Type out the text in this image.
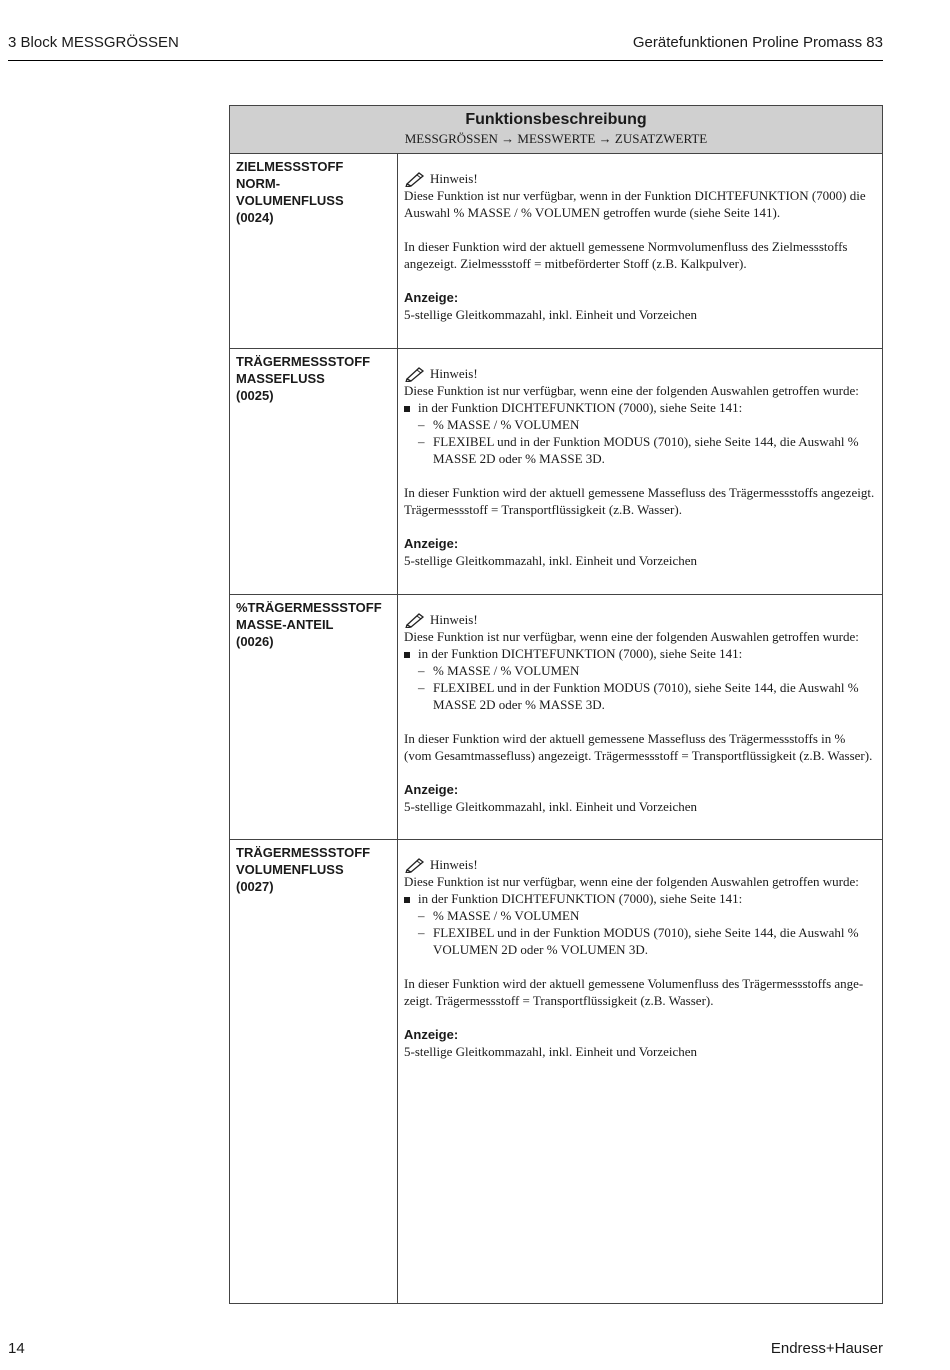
3 Block MESSGRÖSSEN	Gerätefunktionen Proline Promass 83
Funktionsbeschreibung
MESSGRÖSSEN → MESSWERTE → ZUSATZWERTE
ZIELMESSSTOFF NORM-
VOLUMENFLUSS
(0024)
Hinweis!
Diese Funktion ist nur verfügbar, wenn in der Funktion DICHTEFUNKTION (7000) die Auswahl % MASSE / % VOLUMEN getroffen wurde (siehe Seite 141).
In dieser Funktion wird der aktuell gemessene Normvolumenfluss des Zielmessstoffs angezeigt. Zielmessstoff = mitbeförderter Stoff (z.B. Kalkpulver).
Anzeige:
5-stellige Gleitkommazahl, inkl. Einheit und Vorzeichen
TRÄGERMESSSTOFF
MASSEFLUSS
(0025)
Hinweis!
Diese Funktion ist nur verfügbar, wenn eine der folgenden Auswahlen getroffen wurde:
in der Funktion DICHTEFUNKTION (7000), siehe Seite 141:
– % MASSE / % VOLUMEN
– FLEXIBEL und in der Funktion MODUS (7010), siehe Seite 144, die Auswahl % MASSE 2D oder % MASSE 3D.
In dieser Funktion wird der aktuell gemessene Massefluss des Trägermessstoffs angezeigt. Trägermessstoff = Transportflüssigkeit (z.B. Wasser).
Anzeige:
5-stellige Gleitkommazahl, inkl. Einheit und Vorzeichen
%TRÄGERMESSSTOFF
MASSE-ANTEIL
(0026)
Hinweis!
Diese Funktion ist nur verfügbar, wenn eine der folgenden Auswahlen getroffen wurde:
in der Funktion DICHTEFUNKTION (7000), siehe Seite 141:
– % MASSE / % VOLUMEN
– FLEXIBEL und in der Funktion MODUS (7010), siehe Seite 144, die Auswahl % MASSE 2D oder % MASSE 3D.
In dieser Funktion wird der aktuell gemessene Massefluss des Trägermessstoffs in % (vom Gesamtmassefluss) angezeigt. Trägermessstoff = Transportflüssigkeit (z.B. Wasser).
Anzeige:
5-stellige Gleitkommazahl, inkl. Einheit und Vorzeichen
TRÄGERMESSSTOFF
VOLUMENFLUSS
(0027)
Hinweis!
Diese Funktion ist nur verfügbar, wenn eine der folgenden Auswahlen getroffen wurde:
in der Funktion DICHTEFUNKTION (7000), siehe Seite 141:
– % MASSE / % VOLUMEN
– FLEXIBEL und in der Funktion MODUS (7010), siehe Seite 144, die Auswahl % VOLUMEN 2D oder % VOLUMEN 3D.
In dieser Funktion wird der aktuell gemessene Volumenfluss des Trägermessstoffs ange-zeigt. Trägermessstoff = Transportflüssigkeit (z.B. Wasser).
Anzeige:
5-stellige Gleitkommazahl, inkl. Einheit und Vorzeichen
14	Endress+Hauser
